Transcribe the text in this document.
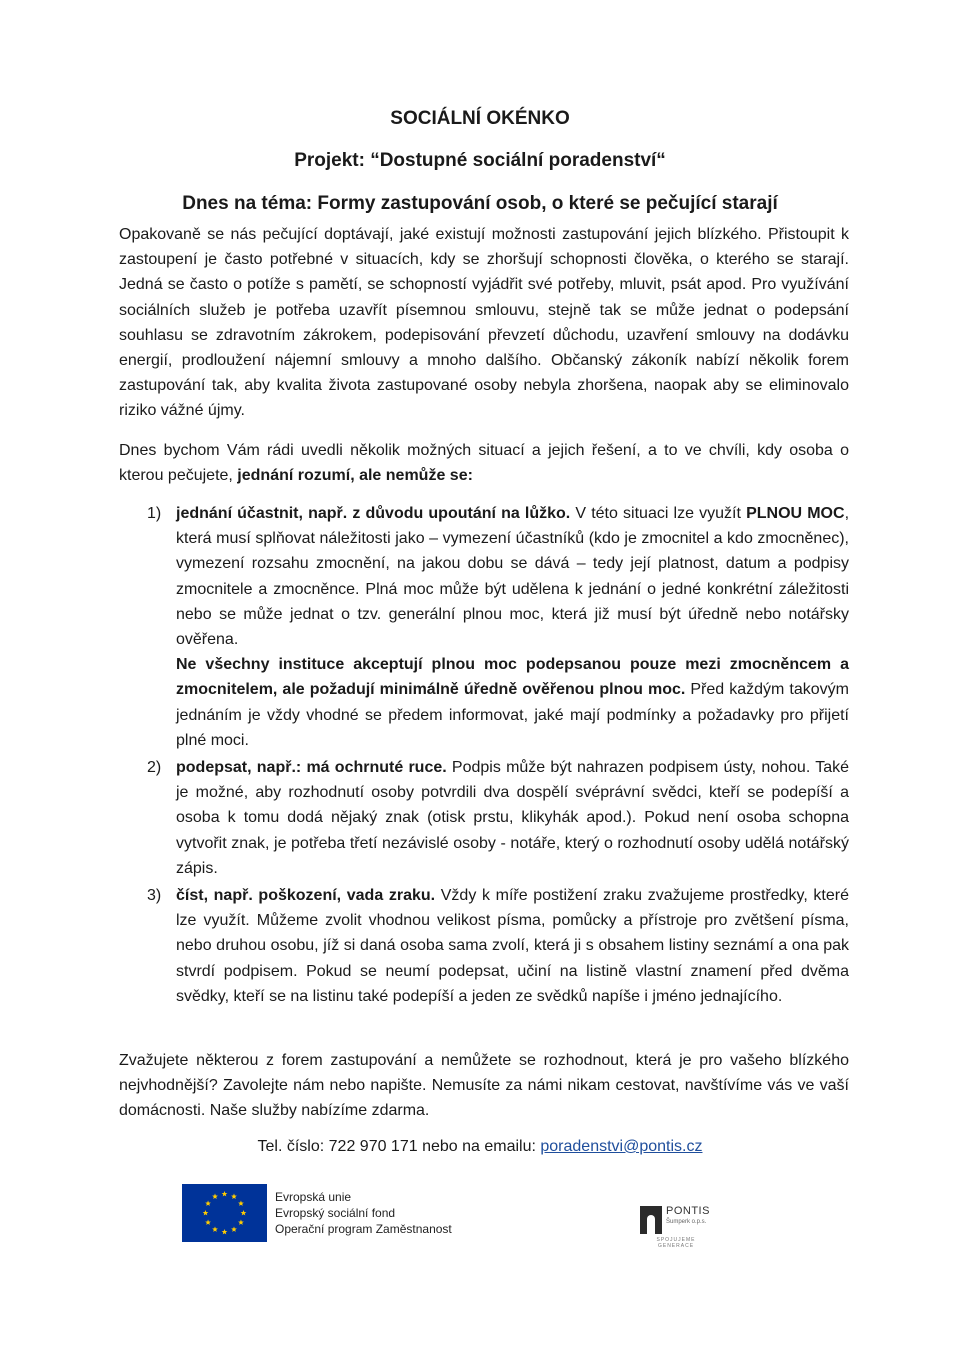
SOCIÁLNÍ OKÉNKO
Projekt: “Dostupné sociální poradenství“
Dnes na téma: Formy zastupování osob, o které se pečující starají

Opakovaně se nás pečující doptávají, jaké existují možnosti zastupování jejich blízkého. Přistoupit k zastoupení je často potřebné v situacích, kdy se zhoršují schopnosti člověka, o kterého se starají. Jedná se často o potíže s pamětí, se schopností vyjádřit své potřeby, mluvit, psát apod. Pro využívání sociálních služeb je potřeba uzavřít písemnou smlouvu, stejně tak se může jednat o podepsání souhlasu se zdravotním zákrokem, podepisování převzetí důchodu, uzavření smlouvy na dodávku energií, prodloužení nájemní smlouvy a mnoho dalšího. Občanský zákoník nabízí několik forem zastupování tak, aby kvalita života zastupované osoby nebyla zhoršena, naopak aby se eliminovalo riziko vážné újmy.

Dnes bychom Vám rádi uvedli několik možných situací a jejich řešení, a to ve chvíli, kdy osoba o kterou pečujete, jednání rozumí, ale nemůže se:

1) jednání účastnit, např. z důvodu upoutání na lůžko. V této situaci lze využít PLNOU MOC, která musí splňovat náležitosti jako – vymezení účastníků (kdo je zmocnitel a kdo zmocněnec), vymezení rozsahu zmocnění, na jakou dobu se dává – tedy její platnost, datum a podpisy zmocnitele a zmocněnce. Plná moc může být udělena k jednání o jedné konkrétní záležitosti nebo se může jednat o tzv. generální plnou moc, která již musí být úředně nebo notářsky ověřena.
Ne všechny instituce akceptují plnou moc podepsanou pouze mezi zmocněncem a zmocnitelem, ale požadují minimálně úředně ověřenou plnou moc. Před každým takovým jednáním je vždy vhodné se předem informovat, jaké mají podmínky a požadavky pro přijetí plné moci.
2) podepsat, např.: má ochrnuté ruce. Podpis může být nahrazen podpisem ústy, nohou. Také je možné, aby rozhodnutí osoby potvrdili dva dospělí svéprávní svědci, kteří se podepíší a osoba k tomu dodá nějaký znak (otisk prstu, klikyhák apod.). Pokud není osoba schopna vytvořit znak, je potřeba třetí nezávislé osoby - notáře, který o rozhodnutí osoby udělá notářský zápis.
3) číst, např. poškození, vada zraku. Vždy k míře postižení zraku zvažujeme prostředky, které lze využít. Můžeme zvolit vhodnou velikost písma, pomůcky a přístroje pro zvětšení písma, nebo druhou osobu, jíž si daná osoba sama zvolí, která ji s obsahem listiny seznámí a ona pak stvrdí podpisem. Pokud se neumí podepsat, učiní na listině vlastní znamení před dvěma svědky, kteří se na listinu také podepíší a jeden ze svědků napíše i jméno jednajícího.

Zvažujete některou z forem zastupování a nemůžete se rozhodnout, která je pro vašeho blízkého nejvhodnější? Zavolejte nám nebo napište. Nemusíte za námi nikam cestovat, navštívíme vás ve vaší domácnosti. Naše služby nabízíme zdarma.

Tel. číslo: 722 970 171 nebo na emailu: poradenstvi@pontis.cz
Evropská unie
Evropský sociální fond
Operační program Zaměstnanost
PONTIS
Šumperk o.p.s.
SPOJUJEME GENERACE
